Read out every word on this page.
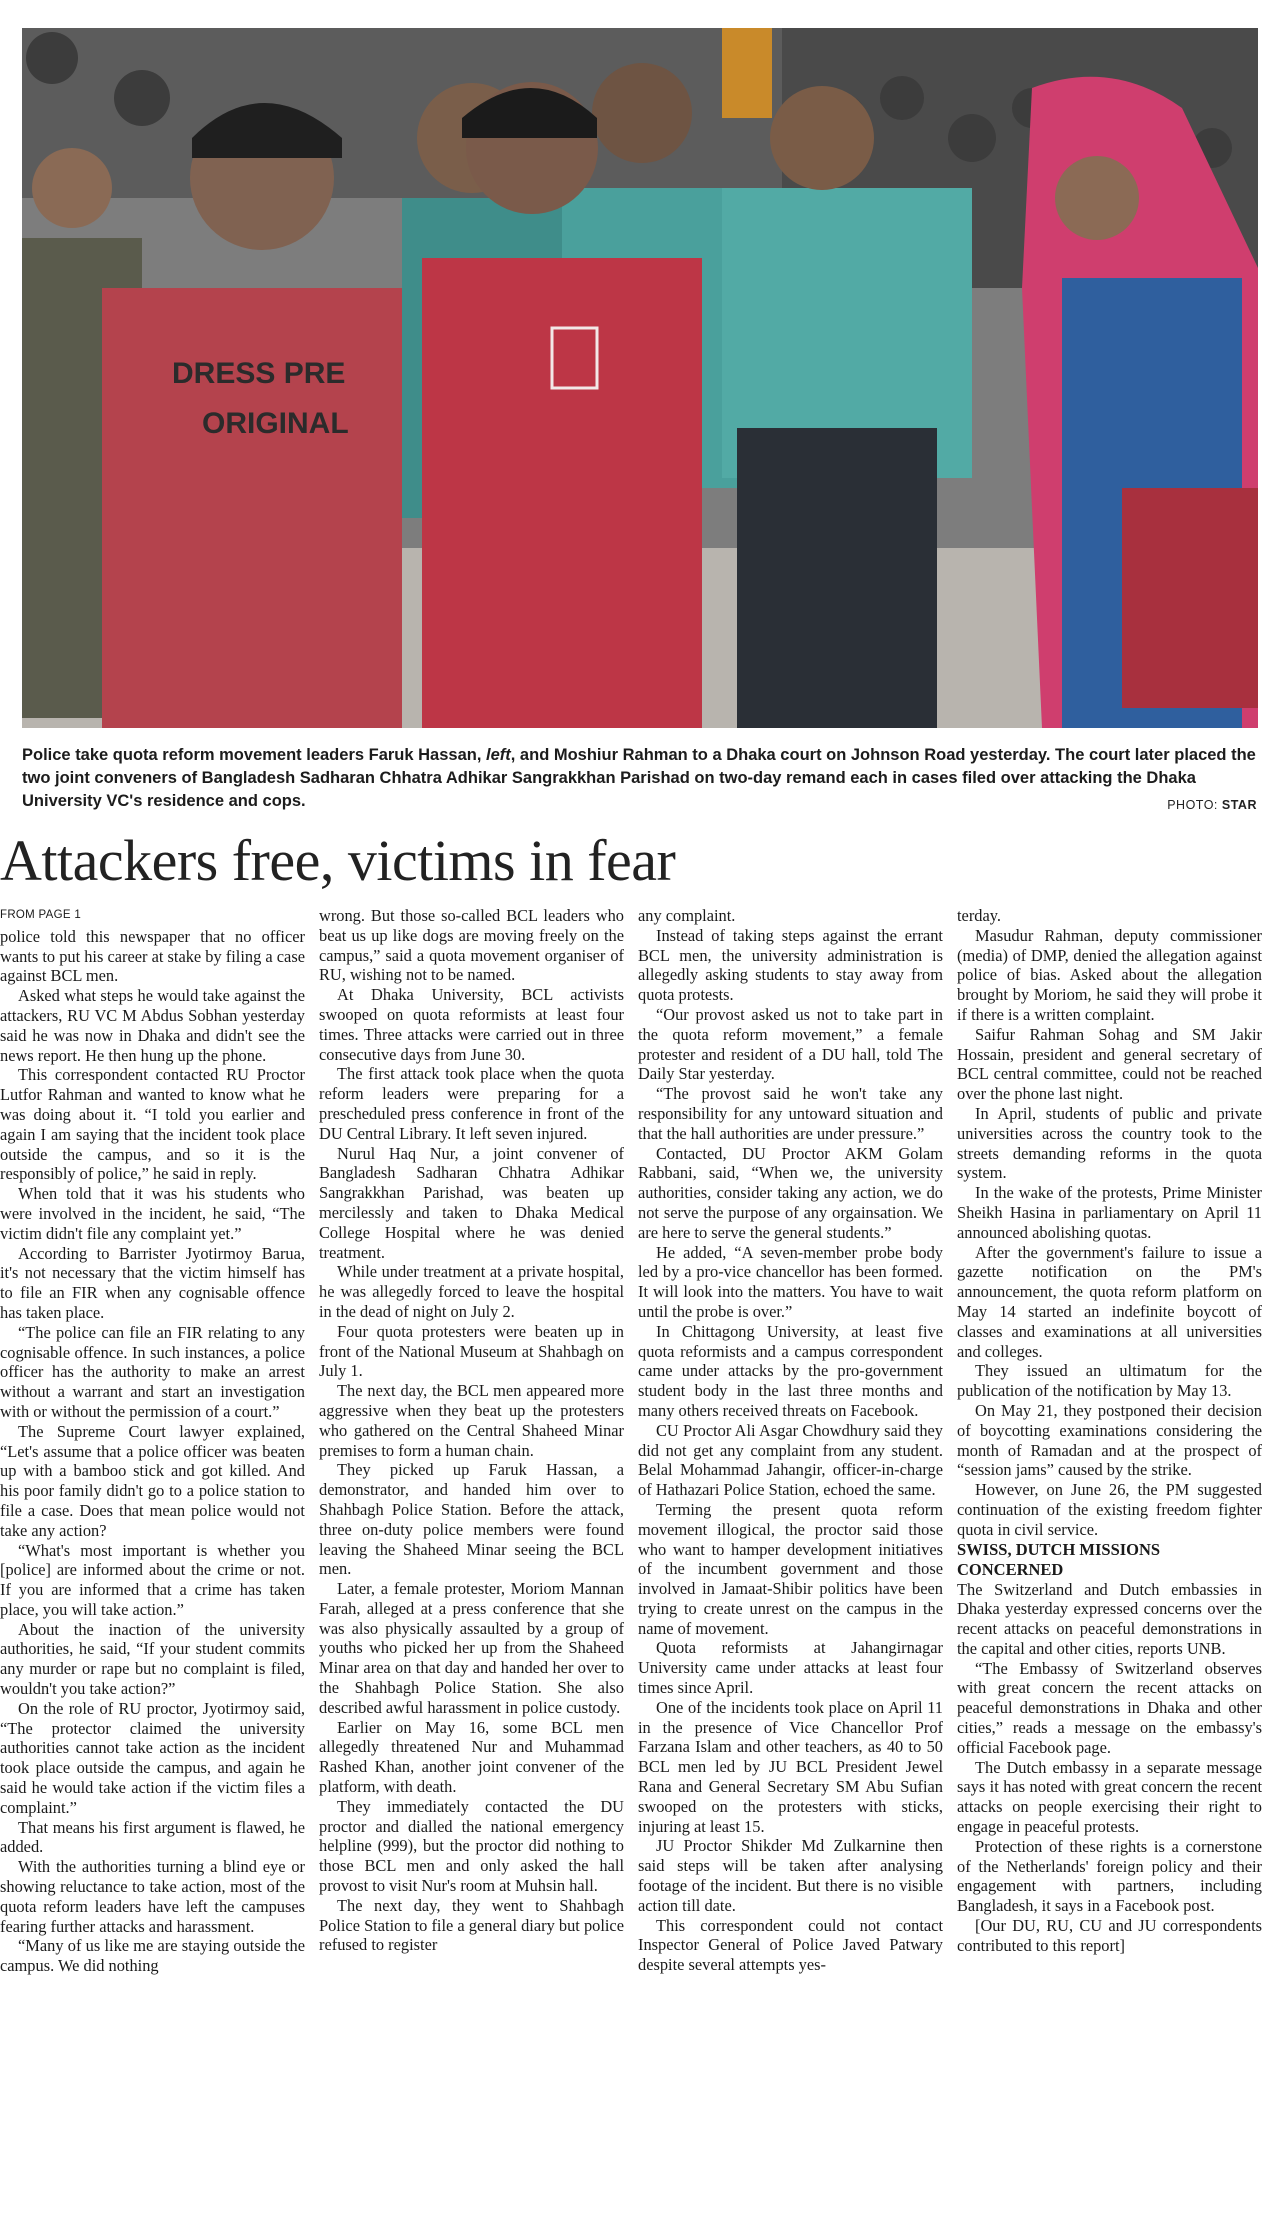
DRESS PRE
ORIGINAL
Police take quota reform movement leaders Faruk Hassan, left, and Moshiur Rahman to a Dhaka court on Johnson Road yesterday. The court later placed the two joint conveners of Bangladesh Sadharan Chhatra Adhikar Sangrakkhan Parishad on two-day remand each in cases filed over attacking the Dhaka University VC's residence and cops.	PHOTO: STAR
Attackers free, victims in fear

FROM PAGE 1

police told this newspaper that no officer wants to put his career at stake by filing a case against BCL men.

Asked what steps he would take against the attackers, RU VC M Abdus Sobhan yesterday said he was now in Dhaka and didn't see the news report. He then hung up the phone.

This correspondent contacted RU Proctor Lutfor Rahman and wanted to know what he was doing about it. “I told you earlier and again I am saying that the incident took place outside the campus, and so it is the responsibly of police,” he said in reply.

When told that it was his students who were involved in the incident, he said, “The victim didn't file any complaint yet.”

According to Barrister Jyotirmoy Barua, it's not necessary that the victim himself has to file an FIR when any cognisable offence has taken place.

“The police can file an FIR relating to any cognisable offence. In such instances, a police officer has the authority to make an arrest without a warrant and start an investigation with or without the permission of a court.”

The Supreme Court lawyer explained, “Let's assume that a police officer was beaten up with a bamboo stick and got killed. And his poor family didn't go to a police station to file a case. Does that mean police would not take any action?

“What's most important is whether you [police] are informed about the crime or not. If you are informed that a crime has taken place, you will take action.”

About the inaction of the university authorities, he said, “If your student commits any murder or rape but no complaint is filed, wouldn't you take action?”

On the role of RU proctor, Jyotirmoy said, “The protector claimed the university authorities cannot take action as the incident took place outside the campus, and again he said he would take action if the victim files a complaint.”

That means his first argument is flawed, he added.

With the authorities turning a blind eye or showing reluctance to take action, most of the quota reform leaders have left the campuses fearing further attacks and harassment.

“Many of us like me are staying outside the campus. We did nothing

wrong. But those so-called BCL leaders who beat us up like dogs are moving freely on the campus,” said a quota movement organiser of RU, wishing not to be named.

At Dhaka University, BCL activists swooped on quota reformists at least four times. Three attacks were carried out in three consecutive days from June 30.

The first attack took place when the quota reform leaders were preparing for a prescheduled press conference in front of the DU Central Library. It left seven injured.

Nurul Haq Nur, a joint convener of Bangladesh Sadharan Chhatra Adhikar Sangrakkhan Parishad, was beaten up mercilessly and taken to Dhaka Medical College Hospital where he was denied treatment.

While under treatment at a private hospital, he was allegedly forced to leave the hospital in the dead of night on July 2.

Four quota protesters were beaten up in front of the National Museum at Shahbagh on July 1.

The next day, the BCL men appeared more aggressive when they beat up the protesters who gathered on the Central Shaheed Minar premises to form a human chain.

They picked up Faruk Hassan, a demonstrator, and handed him over to Shahbagh Police Station. Before the attack, three on-duty police members were found leaving the Shaheed Minar seeing the BCL men.

Later, a female protester, Moriom Mannan Farah, alleged at a press conference that she was also physically assaulted by a group of youths who picked her up from the Shaheed Minar area on that day and handed her over to the Shahbagh Police Station. She also described awful harassment in police custody.

Earlier on May 16, some BCL men allegedly threatened Nur and Muhammad Rashed Khan, another joint convener of the platform, with death.

They immediately contacted the DU proctor and dialled the national emergency helpline (999), but the proctor did nothing to those BCL men and only asked the hall provost to visit Nur's room at Muhsin hall.

The next day, they went to Shahbagh Police Station to file a general diary but police refused to register

any complaint.

Instead of taking steps against the errant BCL men, the university administration is allegedly asking students to stay away from quota protests.

“Our provost asked us not to take part in the quota reform movement,” a female protester and resident of a DU hall, told The Daily Star yesterday.

“The provost said he won't take any responsibility for any untoward situation and that the hall authorities are under pressure.”

Contacted, DU Proctor AKM Golam Rabbani, said, “When we, the university authorities, consider taking any action, we do not serve the purpose of any orgainsation. We are here to serve the general students.”

He added, “A seven-member probe body led by a pro-vice chancellor has been formed. It will look into the matters. You have to wait until the probe is over.”

In Chittagong University, at least five quota reformists and a campus correspondent came under attacks by the pro-government student body in the last three months and many others received threats on Facebook.

CU Proctor Ali Asgar Chowdhury said they did not get any complaint from any student. Belal Mohammad Jahangir, officer-in-charge of Hathazari Police Station, echoed the same.

Terming the present quota reform movement illogical, the proctor said those who want to hamper development initiatives of the incumbent government and those involved in Jamaat-Shibir politics have been trying to create unrest on the campus in the name of movement.

Quota reformists at Jahangirnagar University came under attacks at least four times since April.

One of the incidents took place on April 11 in the presence of Vice Chancellor Prof Farzana Islam and other teachers, as 40 to 50 BCL men led by JU BCL President Jewel Rana and General Secretary SM Abu Sufian swooped on the protesters with sticks, injuring at least 15.

JU Proctor Shikder Md Zulkarnine then said steps will be taken after analysing footage of the incident. But there is no visible action till date.

This correspondent could not contact Inspector General of Police Javed Patwary despite several attempts yes-

terday.

Masudur Rahman, deputy commissioner (media) of DMP, denied the allegation against police of bias. Asked about the allegation brought by Moriom, he said they will probe it if there is a written complaint.

Saifur Rahman Sohag and SM Jakir Hossain, president and general secretary of BCL central committee, could not be reached over the phone last night.

In April, students of public and private universities across the country took to the streets demanding reforms in the quota system.

In the wake of the protests, Prime Minister Sheikh Hasina in parliamentary on April 11 announced abolishing quotas.

After the government's failure to issue a gazette notification on the PM's announcement, the quota reform platform on May 14 started an indefinite boycott of classes and examinations at all universities and colleges.

They issued an ultimatum for the publication of the notification by May 13.

On May 21, they postponed their decision of boycotting examinations considering the month of Ramadan and at the prospect of “session jams” caused by the strike.

However, on June 26, the PM suggested continuation of the existing freedom fighter quota in civil service.

SWISS, DUTCH MISSIONS CONCERNED

The Switzerland and Dutch embassies in Dhaka yesterday expressed concerns over the recent attacks on peaceful demonstrations in the capital and other cities, reports UNB.

“The Embassy of Switzerland observes with great concern the recent attacks on peaceful demonstrations in Dhaka and other cities,” reads a message on the embassy's official Facebook page.

The Dutch embassy in a separate message says it has noted with great concern the recent attacks on people exercising their right to engage in peaceful protests.

Protection of these rights is a cornerstone of the Netherlands' foreign policy and their engagement with partners, including Bangladesh, it says in a Facebook post.

[Our DU, RU, CU and JU correspondents contributed to this report]
